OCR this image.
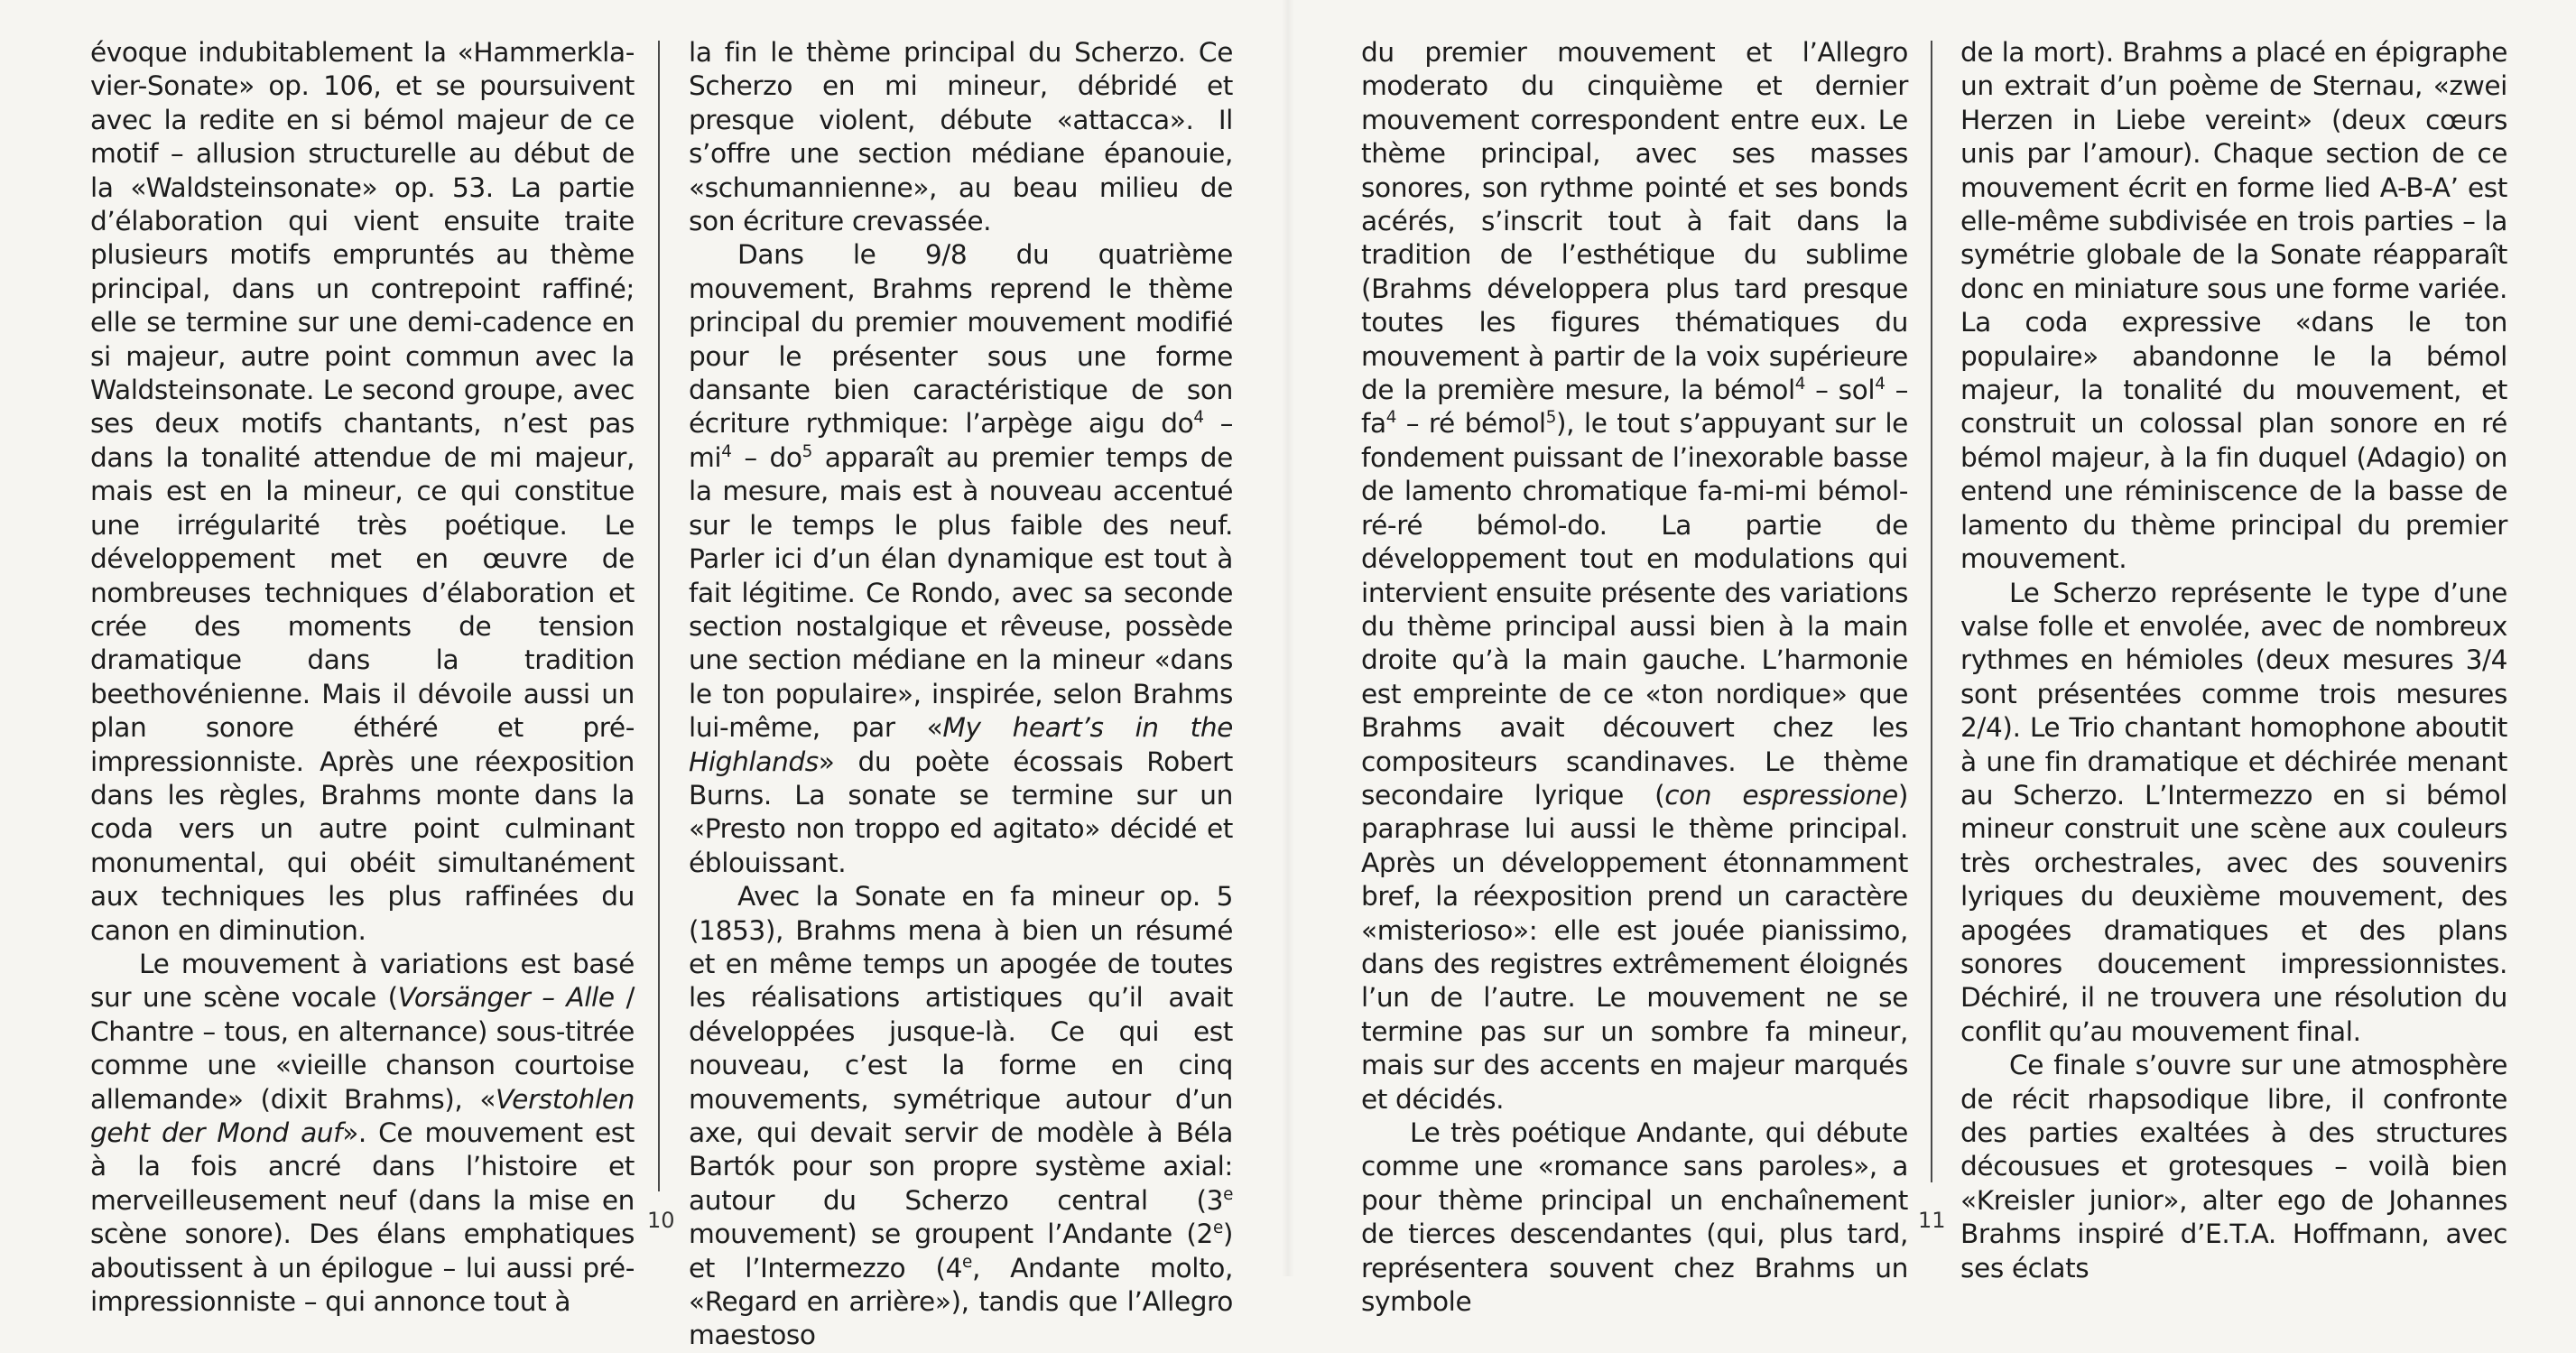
évoque indubitablement la «Hammerkla-vier-Sonate» op. 106, et se poursuivent avec la redite en si bémol majeur de ce motif – allusion structurelle au début de la «Waldsteinsonate» op. 53. La partie d’élaboration qui vient ensuite traite plusieurs motifs empruntés au thème principal, dans un contrepoint raffiné; elle se termine sur une demi-cadence en si majeur, autre point commun avec la Waldsteinsonate. Le second groupe, avec ses deux motifs chantants, n’est pas dans la tonalité attendue de mi majeur, mais est en la mineur, ce qui constitue une irrégularité très poétique. Le développement met en œuvre de nombreuses techniques d’élaboration et crée des moments de tension dramatique dans la tradition beethovénienne. Mais il dévoile aussi un plan sonore éthéré et pré-impressionniste. Après une réexposition dans les règles, Brahms monte dans la coda vers un autre point culminant monumental, qui obéit simultanément aux techniques les plus raffinées du canon en diminution.

Le mouvement à variations est basé sur une scène vocale (Vorsänger – Alle / Chantre – tous, en alternance) sous-titrée comme une «vieille chanson courtoise allemande» (dixit Brahms), «Verstohlen geht der Mond auf». Ce mouvement est à la fois ancré dans l’histoire et merveilleusement neuf (dans la mise en scène sonore). Des élans emphatiques aboutissent à un épilogue – lui aussi pré-impressionniste – qui annonce tout à

la fin le thème principal du Scherzo. Ce Scherzo en mi mineur, débridé et presque violent, débute «attacca». Il s’offre une section médiane épanouie, «schumannienne», au beau milieu de son écriture crevassée.

Dans le 9/8 du quatrième mouvement, Brahms reprend le thème principal du premier mouvement modifié pour le présenter sous une forme dansante bien caractéristique de son écriture rythmique: l’arpège aigu $do^4 - mi^4 - do^5$ apparaît au premier temps de la mesure, mais est à nouveau accentué sur le temps le plus faible des neuf. Parler ici d’un élan dynamique est tout à fait légitime. Ce Rondo, avec sa seconde section nostalgique et rêveuse, possède une section médiane en la mineur «dans le ton populaire», inspirée, selon Brahms lui-même, par «My heart’s in the Highlands» du poète écossais Robert Burns. La sonate se termine sur un «Presto non troppo ed agitato» décidé et éblouissant.

Avec la Sonate en fa mineur op. 5 (1853), Brahms mena à bien un résumé et en même temps un apogée de toutes les réalisations artistiques qu’il avait développées jusque-là. Ce qui est nouveau, c’est la forme en cinq mouvements, symétrique autour d’un axe, qui devait servir de modèle à Béla Bartók pour son propre système axial: autour du Scherzo central (3e mouvement) se groupent l’Andante (2e) et l’Intermezzo (4e, Andante molto, «Regard en arrière»), tandis que l’Allegro maestoso

10

du premier mouvement et l’Allegro moderato du cinquième et dernier mouvement correspondent entre eux. Le thème principal, avec ses masses sonores, son rythme pointé et ses bonds acérés, s’inscrit tout à fait dans la tradition de l’esthétique du sublime (Brahms développera plus tard presque toutes les figures thématiques du mouvement à partir de la voix supérieure de la première mesure, la bémol$^4$ – $sol^4 - fa^4$ – ré bémol$^5$), le tout s’appuyant sur le fondement puissant de l’inexorable basse de lamento chromatique fa-mi-mi bémol-ré-ré bémol-do. La partie de développement tout en modulations qui intervient ensuite présente des variations du thème principal aussi bien à la main droite qu’à la main gauche. L’harmonie est empreinte de ce «ton nordique» que Brahms avait découvert chez les compositeurs scandinaves. Le thème secondaire lyrique (con espressione) paraphrase lui aussi le thème principal. Après un développement étonnamment bref, la réexposition prend un caractère «misterioso»: elle est jouée pianissimo, dans des registres extrêmement éloignés l’un de l’autre. Le mouvement ne se termine pas sur un sombre fa mineur, mais sur des accents en majeur marqués et décidés.

Le très poétique Andante, qui débute comme une «romance sans paroles», a pour thème principal un enchaînement de tierces descendantes (qui, plus tard, représentera souvent chez Brahms un symbole

de la mort). Brahms a placé en épigraphe un extrait d’un poème de Sternau, «zwei Herzen in Liebe vereint» (deux cœurs unis par l’amour). Chaque section de ce mouvement écrit en forme lied A-B-A’ est elle-même subdivisée en trois parties – la symétrie globale de la Sonate réapparaît donc en miniature sous une forme variée. La coda expressive «dans le ton populaire» abandonne le la bémol majeur, la tonalité du mouvement, et construit un colossal plan sonore en ré bémol majeur, à la fin duquel (Adagio) on entend une réminiscence de la basse de lamento du thème principal du premier mouvement.

Le Scherzo représente le type d’une valse folle et envolée, avec de nombreux rythmes en hémioles (deux mesures 3/4 sont présentées comme trois mesures 2/4). Le Trio chantant homophone aboutit à une fin dramatique et déchirée menant au Scherzo. L’Intermezzo en si bémol mineur construit une scène aux couleurs très orchestrales, avec des souvenirs lyriques du deuxième mouvement, des apogées dramatiques et des plans sonores doucement impressionnistes. Déchiré, il ne trouvera une résolution du conflit qu’au mouvement final.

Ce finale s’ouvre sur une atmosphère de récit rhapsodique libre, il confronte des parties exaltées à des structures décousues et grotesques – voilà bien «Kreisler junior», alter ego de Johannes Brahms inspiré d’E.T.A. Hoffmann, avec ses éclats

11
